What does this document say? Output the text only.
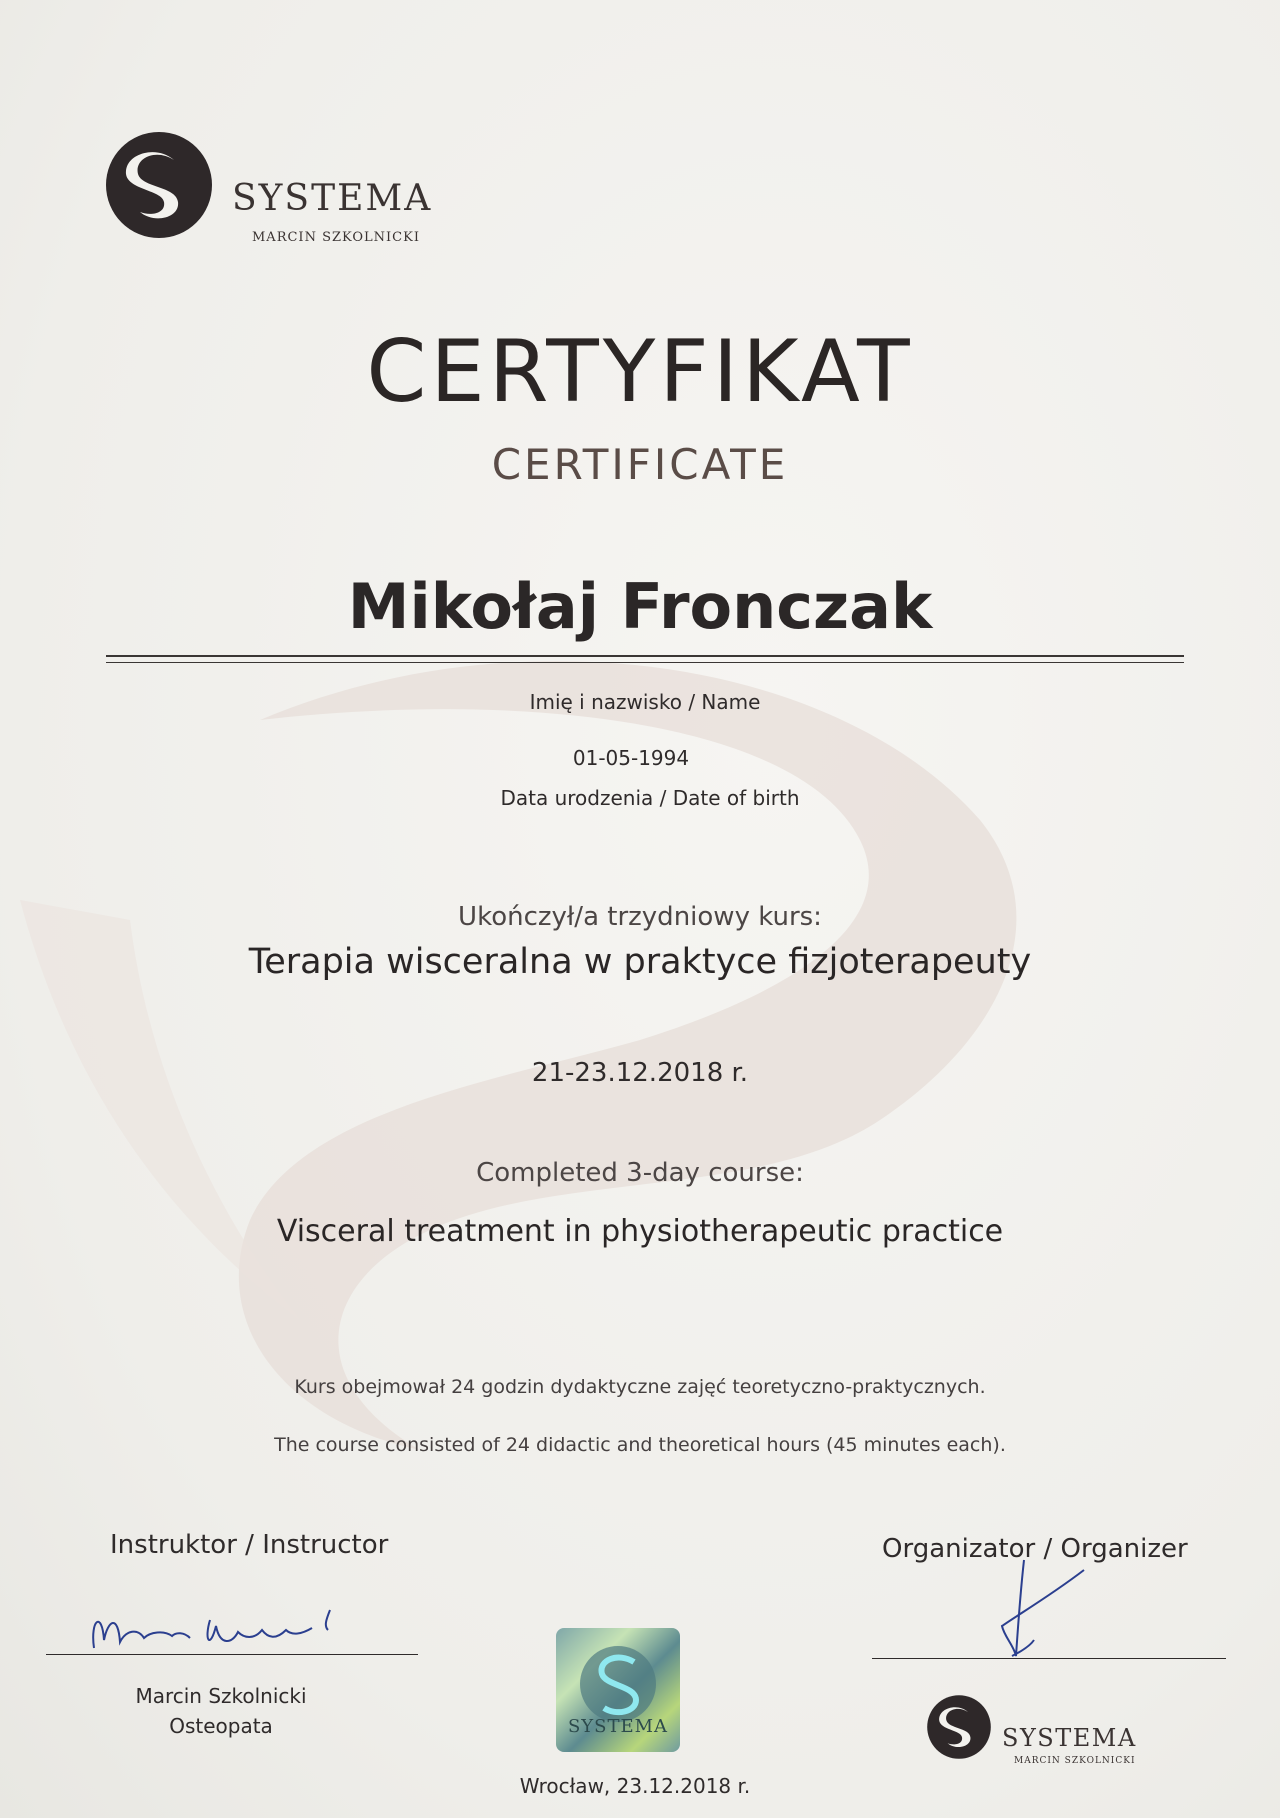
SYSTEMA
MARCIN SZKOLNICKI
CERTYFIKAT
CERTIFICATE
Mikołaj Fronczak
Imię i nazwisko / Name
01-05-1994
Data urodzenia / Date of birth
Ukończył/a trzydniowy kurs:
Terapia wisceralna w praktyce fizjoterapeuty
21-23.12.2018 r.
Completed 3-day course:
Visceral treatment in physiotherapeutic practice
Kurs obejmował 24 godzin dydaktyczne zajęć teoretyczno-praktycznych.
The course consisted of 24 didactic and theoretical hours (45 minutes each).
Instruktor / Instructor
Marcin Szkolnicki
Osteopata	SYSTEMA
Organizator / Organizer
SYSTEMA
MARCIN SZKOLNICKI
Wrocław, 23.12.2018 r.
